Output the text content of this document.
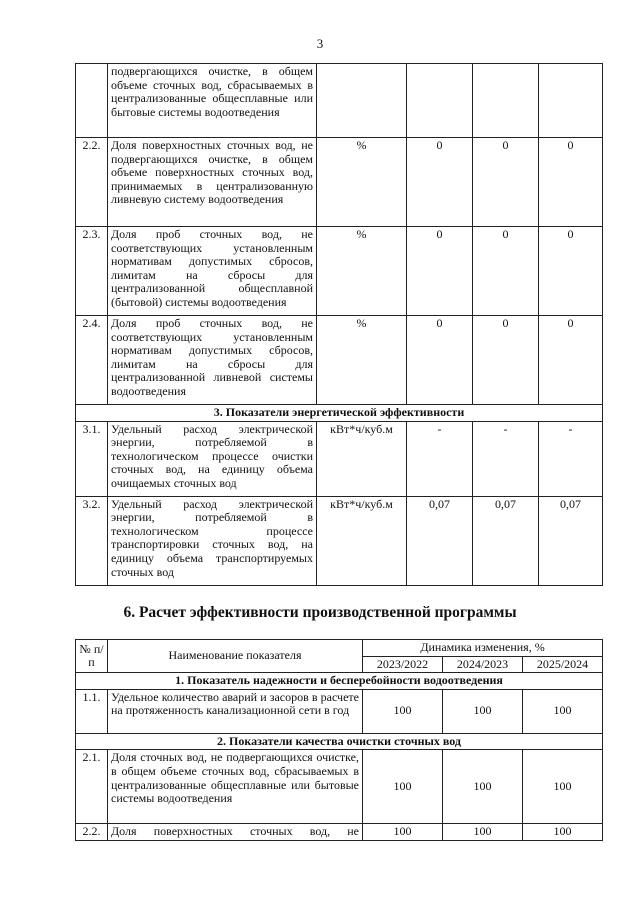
3
	подвергающихся очистке, в общем объеме сточных вод, сбрасываемых в централизованные общесплавные или бытовые системы водоотведения				
2.2.	Доля поверхностных сточных вод, не подвергающихся очистке, в общем объеме поверхностных сточных вод, принимаемых в централизованную ливневую систему водоотведения	%	0	0	0
2.3.	Доля проб сточных вод, не соответствующих установленным нормативам допустимых сбросов, лимитам на сбросы для централизованной общесплавной (бытовой) системы водоотведения	%	0	0	0
2.4.	Доля проб сточных вод, не соответствующих установленным нормативам допустимых сбросов, лимитам на сбросы для централизованной ливневой системы водоотведения	%	0	0	0
3. Показатели энергетической эффективности					
3.1.	Удельный расход электрической энергии, потребляемой в технологическом процессе очистки сточных вод, на единицу объема очищаемых сточных вод	кВт*ч/куб.м	-	-	-
3.2.	Удельный расход электрической энергии, потребляемой в технологическом процессе транспортировки сточных вод, на единицу объема транспортируемых сточных вод	кВт*ч/куб.м	0,07	0,07	0,07
6. Расчет эффективности производственной программы
№ п/п	Наименование показателя	Динамика изменения, %		
		2023/2022	2024/2023	2025/2024
1. Показатель надежности и бесперебойности водоотведения				
1.1.	Удельное количество аварий и засоров в расчете на протяженность канализационной сети в год	100	100	100
2. Показатели качества очистки сточных вод				
2.1.	Доля сточных вод, не подвергающихся очистке, в общем объеме сточных вод, сбрасываемых в централизованные общесплавные или бытовые системы водоотведения	100	100	100
2.2.	Доля поверхностных сточных вод, не	100	100	100
